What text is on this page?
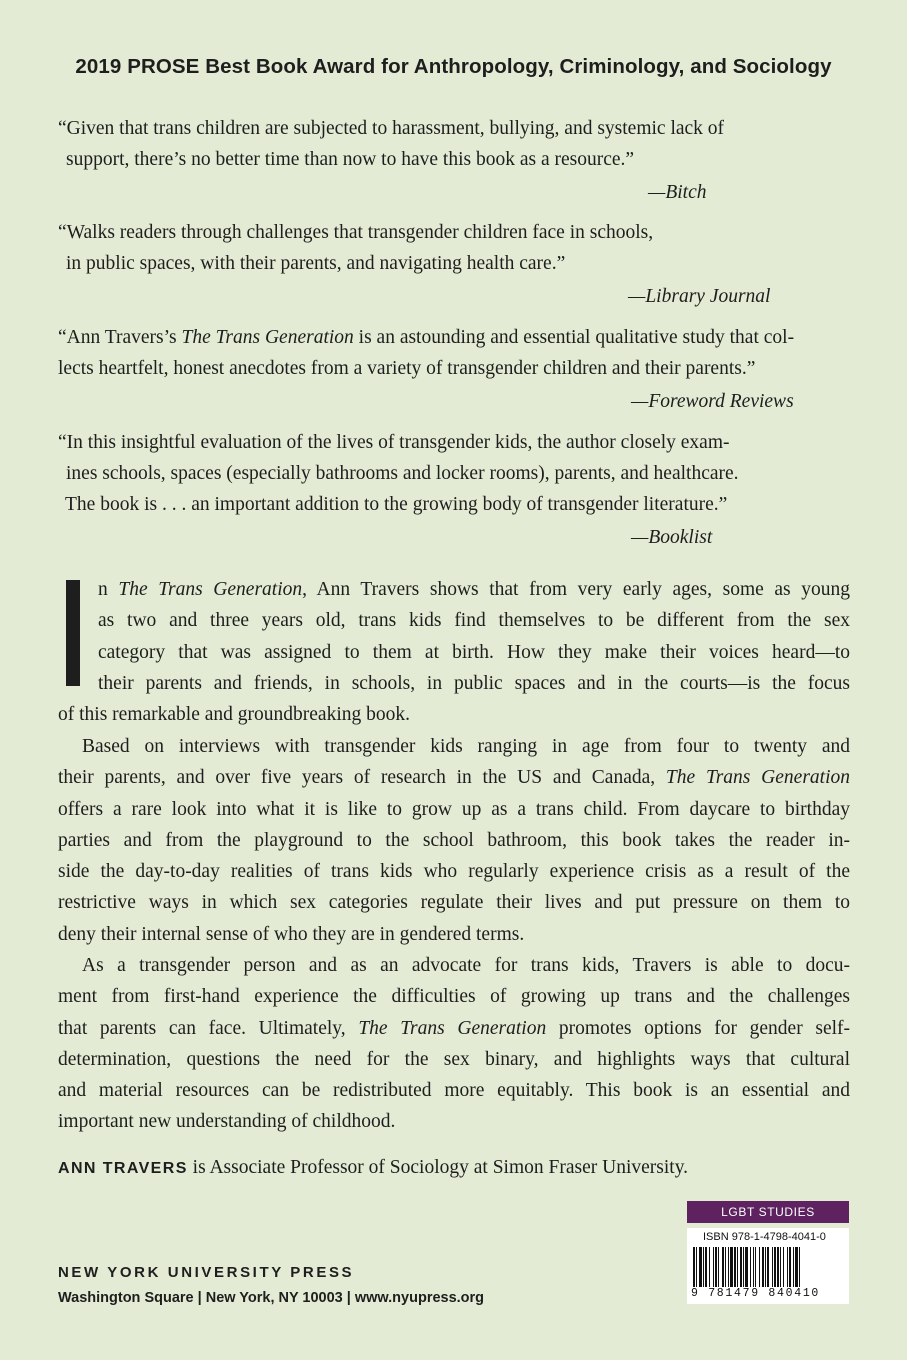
2019 PROSE Best Book Award for Anthropology, Criminology, and Sociology
“Given that trans children are subjected to harassment, bullying, and systemic lack of
support, there’s no better time than now to have this book as a resource.”
—Bitch
“Walks readers through challenges that transgender children face in schools,
in public spaces, with their parents, and navigating health care.”
—Library Journal
“Ann Travers’s The Trans Generation is an astounding and essential qualitative study that col-
lects heartfelt, honest anecdotes from a variety of transgender children and their parents.”
—Foreword Reviews
“In this insightful evaluation of the lives of transgender kids, the author closely exam-
ines schools, spaces (especially bathrooms and locker rooms), parents, and healthcare.
The book is . . . an important addition to the growing body of transgender literature.”
—Booklist
n The Trans Generation, Ann Travers shows that from very early ages, some as young
as two and three years old, trans kids find themselves to be different from the sex
category that was assigned to them at birth. How they make their voices heard—to
their parents and friends, in schools, in public spaces and in the courts—is the focus
of this remarkable and groundbreaking book.
Based on interviews with transgender kids ranging in age from four to twenty and
their parents, and over five years of research in the US and Canada, The Trans Generation
offers a rare look into what it is like to grow up as a trans child. From daycare to birthday
parties and from the playground to the school bathroom, this book takes the reader in-
side the day-to-day realities of trans kids who regularly experience crisis as a result of the
restrictive ways in which sex categories regulate their lives and put pressure on them to
deny their internal sense of who they are in gendered terms.
As a transgender person and as an advocate for trans kids, Travers is able to docu-
ment from first-hand experience the difficulties of growing up trans and the challenges
that parents can face. Ultimately, The Trans Generation promotes options for gender self-
determination, questions the need for the sex binary, and highlights ways that cultural
and material resources can be redistributed more equitably. This book is an essential and
important new understanding of childhood.
ANN TRAVERS is Associate Professor of Sociology at Simon Fraser University.
NEW YORK UNIVERSITY PRESS
Washington Square | New York, NY 10003 | www.nyupress.org
LGBT STUDIES
ISBN 978-1-4798-4041-0
9 781479 840410
